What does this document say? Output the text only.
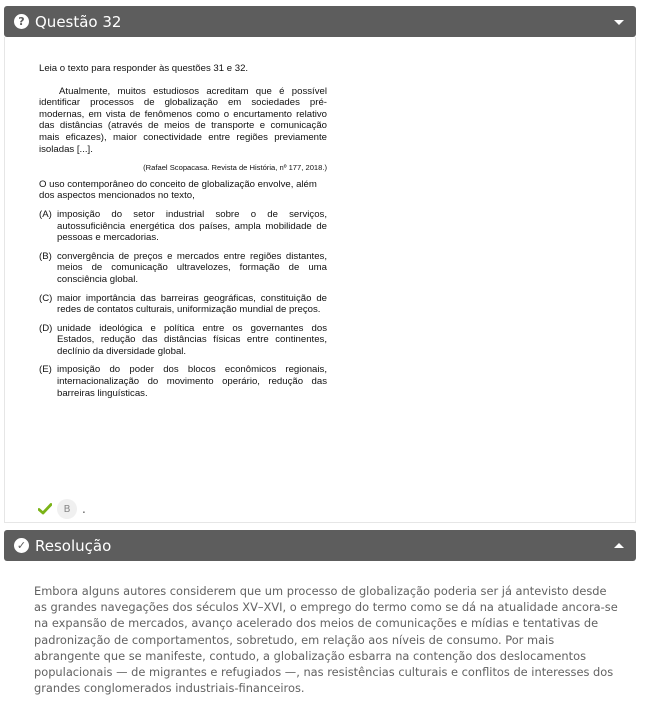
? Questão 32

Leia o texto para responder às questões 31 e 32.

Atualmente, muitos estudiosos acreditam que é possível identificar processos de globalização em sociedades pré-modernas, em vista de fenômenos como o encurtamento relativo das distâncias (através de meios de transporte e comunicação mais eficazes), maior conectividade entre regiões previamente isoladas [...].

(Rafael Scopacasa. Revista de História, nº 177, 2018.)

O uso contemporâneo do conceito de globalização envolve, além dos aspectos mencionados no texto,

(A) imposição do setor industrial sobre o de serviços, autossuficiência energética dos países, ampla mobilidade de pessoas e mercadorias.
(B) convergência de preços e mercados entre regiões distantes, meios de comunicação ultravelozes, formação de uma consciência global.
(C) maior importância das barreiras geográficas, constituição de redes de contatos culturais, uniformização mundial de preços.
(D) unidade ideológica e política entre os governantes dos Estados, redução das distâncias físicas entre continentes, declínio da diversidade global.
(E) imposição do poder dos blocos econômicos regionais, internacionalização do movimento operário, redução das barreiras linguísticas.
B .
✓ Resolução
Embora alguns autores considerem que um processo de globalização poderia ser já antevisto desde as grandes navegações dos séculos XV–XVI, o emprego do termo como se dá na atualidade ancora-se na expansão de mercados, avanço acelerado dos meios de comunicações e mídias e tentativas de padronização de comportamentos, sobretudo, em relação aos níveis de consumo. Por mais abrangente que se manifeste, contudo, a globalização esbarra na contenção dos deslocamentos populacionais — de migrantes e refugiados —, nas resistências culturais e conflitos de interesses dos grandes conglomerados industriais-financeiros.
